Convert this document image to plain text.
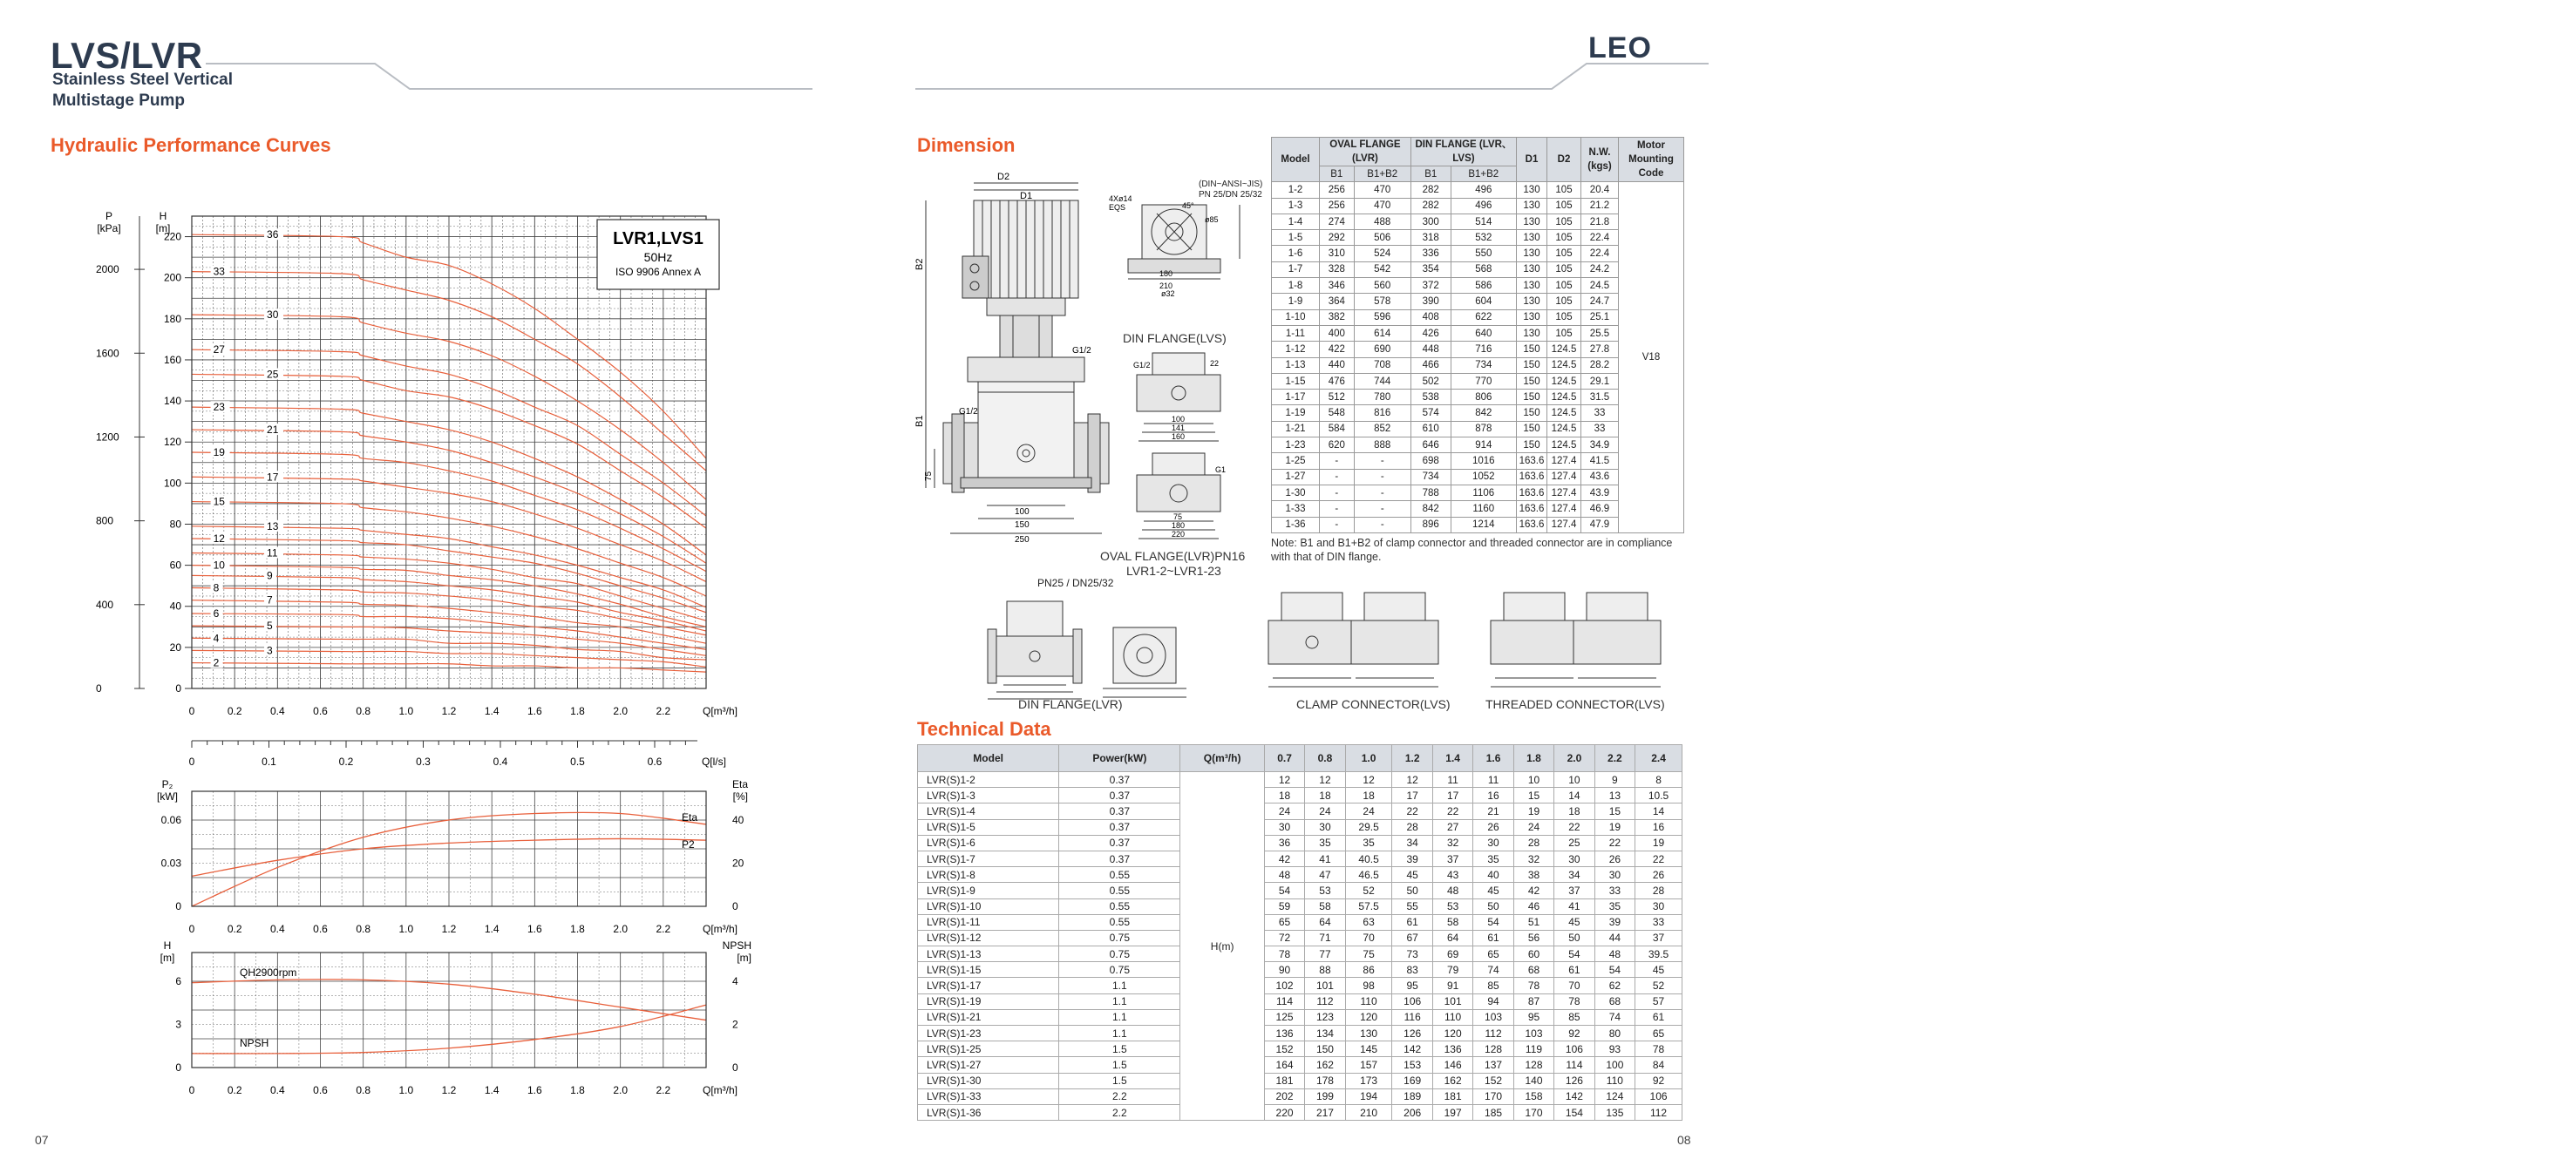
LVS/LVR
Stainless Steel Vertical
Multistage Pump
LEO
Hydraulic Performance Curves	Dimension
Technical Data
07	08
2
3
4
5
6
7
8
9
10
11
12
13
15
17
19
21
23
25
27
30
33
36
0
20
40
60
80
100
120
140
160
180
200
220
0
400
800
1200
1600
2000
0	0.2	0.4	0.6	0.8	1.0	1.2	1.4	1.6	1.8	2.0	2.2	Q[m³/h]
0	0.1	0.2	0.3	0.4	0.5	0.6	Q[l/s]
P
[kPa]
H
[m]
LVR1,LVS1
50Hz
ISO 9906 Annex A
0
0.03
0.06
0
20
40
0	0.2	0.4	0.6	0.8	1.0	1.2	1.4	1.6	1.8	2.0	2.2	Q[m³/h]
P₂
[kW]
Eta
[%]
Eta
P2
0
3
6
0
2
4
0	0.2	0.4	0.6	0.8	1.0	1.2	1.4	1.6	1.8	2.0	2.2	Q[m³/h]
H
[m]
NPSH
[m]
QH2900rpm
NPSH
D2
D1
B2
B1
75
G1/2
G1/2
100
150
250
4Xø14
EQS	45°
ø85
180
210
ø32
(DIN~ANSI~JIS)
PN 25/DN 25/32
DIN FLANGE(LVS)
G1/2	22
100
141
160
G1
75
180
220
OVAL FLANGE(LVR)PN16
LVR1-2~LVR1-23
PN25 / DN25/32
DIN FLANGE(LVR)	CLAMP CONNECTOR(LVS)	THREADED CONNECTOR(LVS)
Model	OVAL FLANGE (LVR)		DIN FLANGE (LVR、LVS)		D1	D2	N.W. (kgs)	Motor Mounting Code
	B1	B1+B2	B1	B1+B2				
1-2	256	470	282	496	130	105	20.4	V18
1-3	256	470	282	496	130	105	21.2	
1-4	274	488	300	514	130	105	21.8	
1-5	292	506	318	532	130	105	22.4	
1-6	310	524	336	550	130	105	22.4	
1-7	328	542	354	568	130	105	24.2	
1-8	346	560	372	586	130	105	24.5	
1-9	364	578	390	604	130	105	24.7	
1-10	382	596	408	622	130	105	25.1	
1-11	400	614	426	640	130	105	25.5	
1-12	422	690	448	716	150	124.5	27.8	
1-13	440	708	466	734	150	124.5	28.2	
1-15	476	744	502	770	150	124.5	29.1	
1-17	512	780	538	806	150	124.5	31.5	
1-19	548	816	574	842	150	124.5	33	
1-21	584	852	610	878	150	124.5	33	
1-23	620	888	646	914	150	124.5	34.9	
1-25	-	-	698	1016	163.6	127.4	41.5	
1-27	-	-	734	1052	163.6	127.4	43.6	
1-30	-	-	788	1106	163.6	127.4	43.9	
1-33	-	-	842	1160	163.6	127.4	46.9	
1-36	-	-	896	1214	163.6	127.4	47.9	
Note: B1 and B1+B2 of clamp connector and threaded connector are in compliance with that of DIN flange.
Model	Power(kW)	Q(m³/h)	0.7	0.8	1.0	1.2	1.4	1.6	1.8	2.0	2.2	2.4
LVR(S)1-2	0.37	H(m)	12	12	12	12	11	11	10	10	9	8
LVR(S)1-3	0.37		18	18	18	17	17	16	15	14	13	10.5
LVR(S)1-4	0.37		24	24	24	22	22	21	19	18	15	14
LVR(S)1-5	0.37		30	30	29.5	28	27	26	24	22	19	16
LVR(S)1-6	0.37		36	35	35	34	32	30	28	25	22	19
LVR(S)1-7	0.37		42	41	40.5	39	37	35	32	30	26	22
LVR(S)1-8	0.55		48	47	46.5	45	43	40	38	34	30	26
LVR(S)1-9	0.55		54	53	52	50	48	45	42	37	33	28
LVR(S)1-10	0.55		59	58	57.5	55	53	50	46	41	35	30
LVR(S)1-11	0.55		65	64	63	61	58	54	51	45	39	33
LVR(S)1-12	0.75		72	71	70	67	64	61	56	50	44	37
LVR(S)1-13	0.75		78	77	75	73	69	65	60	54	48	39.5
LVR(S)1-15	0.75		90	88	86	83	79	74	68	61	54	45
LVR(S)1-17	1.1		102	101	98	95	91	85	78	70	62	52
LVR(S)1-19	1.1		114	112	110	106	101	94	87	78	68	57
LVR(S)1-21	1.1		125	123	120	116	110	103	95	85	74	61
LVR(S)1-23	1.1		136	134	130	126	120	112	103	92	80	65
LVR(S)1-25	1.5		152	150	145	142	136	128	119	106	93	78
LVR(S)1-27	1.5		164	162	157	153	146	137	128	114	100	84
LVR(S)1-30	1.5		181	178	173	169	162	152	140	126	110	92
LVR(S)1-33	2.2		202	199	194	189	181	170	158	142	124	106
LVR(S)1-36	2.2		220	217	210	206	197	185	170	154	135	112
